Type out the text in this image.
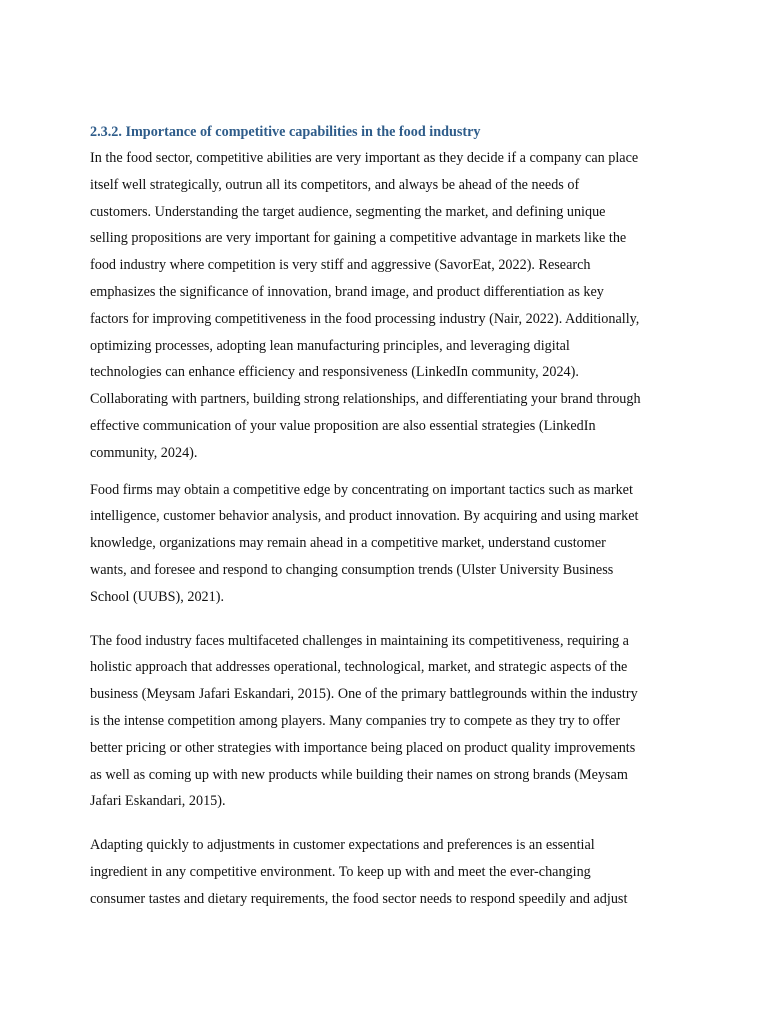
2.3.2. Importance of competitive capabilities in the food industry

In the food sector, competitive abilities are very important as they decide if a company can place
itself well strategically, outrun all its competitors, and always be ahead of the needs of
customers. Understanding the target audience, segmenting the market, and defining unique
selling propositions are very important for gaining a competitive advantage in markets like the
food industry where competition is very stiff and aggressive (SavorEat, 2022). Research
emphasizes the significance of innovation, brand image, and product differentiation as key
factors for improving competitiveness in the food processing industry (Nair, 2022). Additionally,
optimizing processes, adopting lean manufacturing principles, and leveraging digital
technologies can enhance efficiency and responsiveness (LinkedIn community, 2024).
Collaborating with partners, building strong relationships, and differentiating your brand through
effective communication of your value proposition are also essential strategies (LinkedIn
community, 2024).

Food firms may obtain a competitive edge by concentrating on important tactics such as market
intelligence, customer behavior analysis, and product innovation. By acquiring and using market
knowledge, organizations may remain ahead in a competitive market, understand customer
wants, and foresee and respond to changing consumption trends (Ulster University Business
School (UUBS), 2021).

The food industry faces multifaceted challenges in maintaining its competitiveness, requiring a
holistic approach that addresses operational, technological, market, and strategic aspects of the
business (Meysam Jafari Eskandari, 2015). One of the primary battlegrounds within the industry
is the intense competition among players. Many companies try to compete as they try to offer
better pricing or other strategies with importance being placed on product quality improvements
as well as coming up with new products while building their names on strong brands (Meysam
Jafari Eskandari, 2015).

Adapting quickly to adjustments in customer expectations and preferences is an essential
ingredient in any competitive environment. To keep up with and meet the ever-changing
consumer tastes and dietary requirements, the food sector needs to respond speedily and adjust
